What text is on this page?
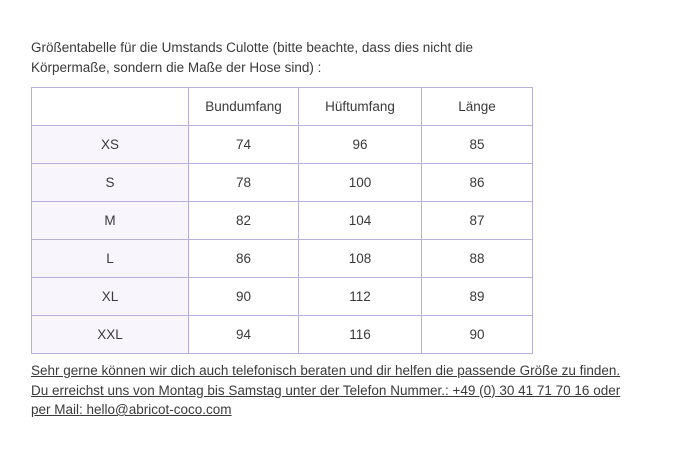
Größentabelle für die Umstands Culotte (bitte beachte, dass dies nicht die
Körpermaße, sondern die Maße der Hose sind) :

	Bundumfang	Hüftumfang	Länge
XS	74	96	85
S	78	100	86
M	82	104	87
L	86	108	88
XL	90	112	89
XXL	94	116	90

Sehr gerne können wir dich auch telefonisch beraten und dir helfen die passende Größe zu finden.
Du erreichst uns von Montag bis Samstag unter der Telefon Nummer.: +49 (0) 30 41 71 70 16 oder
per Mail: hello@abricot-coco.com
